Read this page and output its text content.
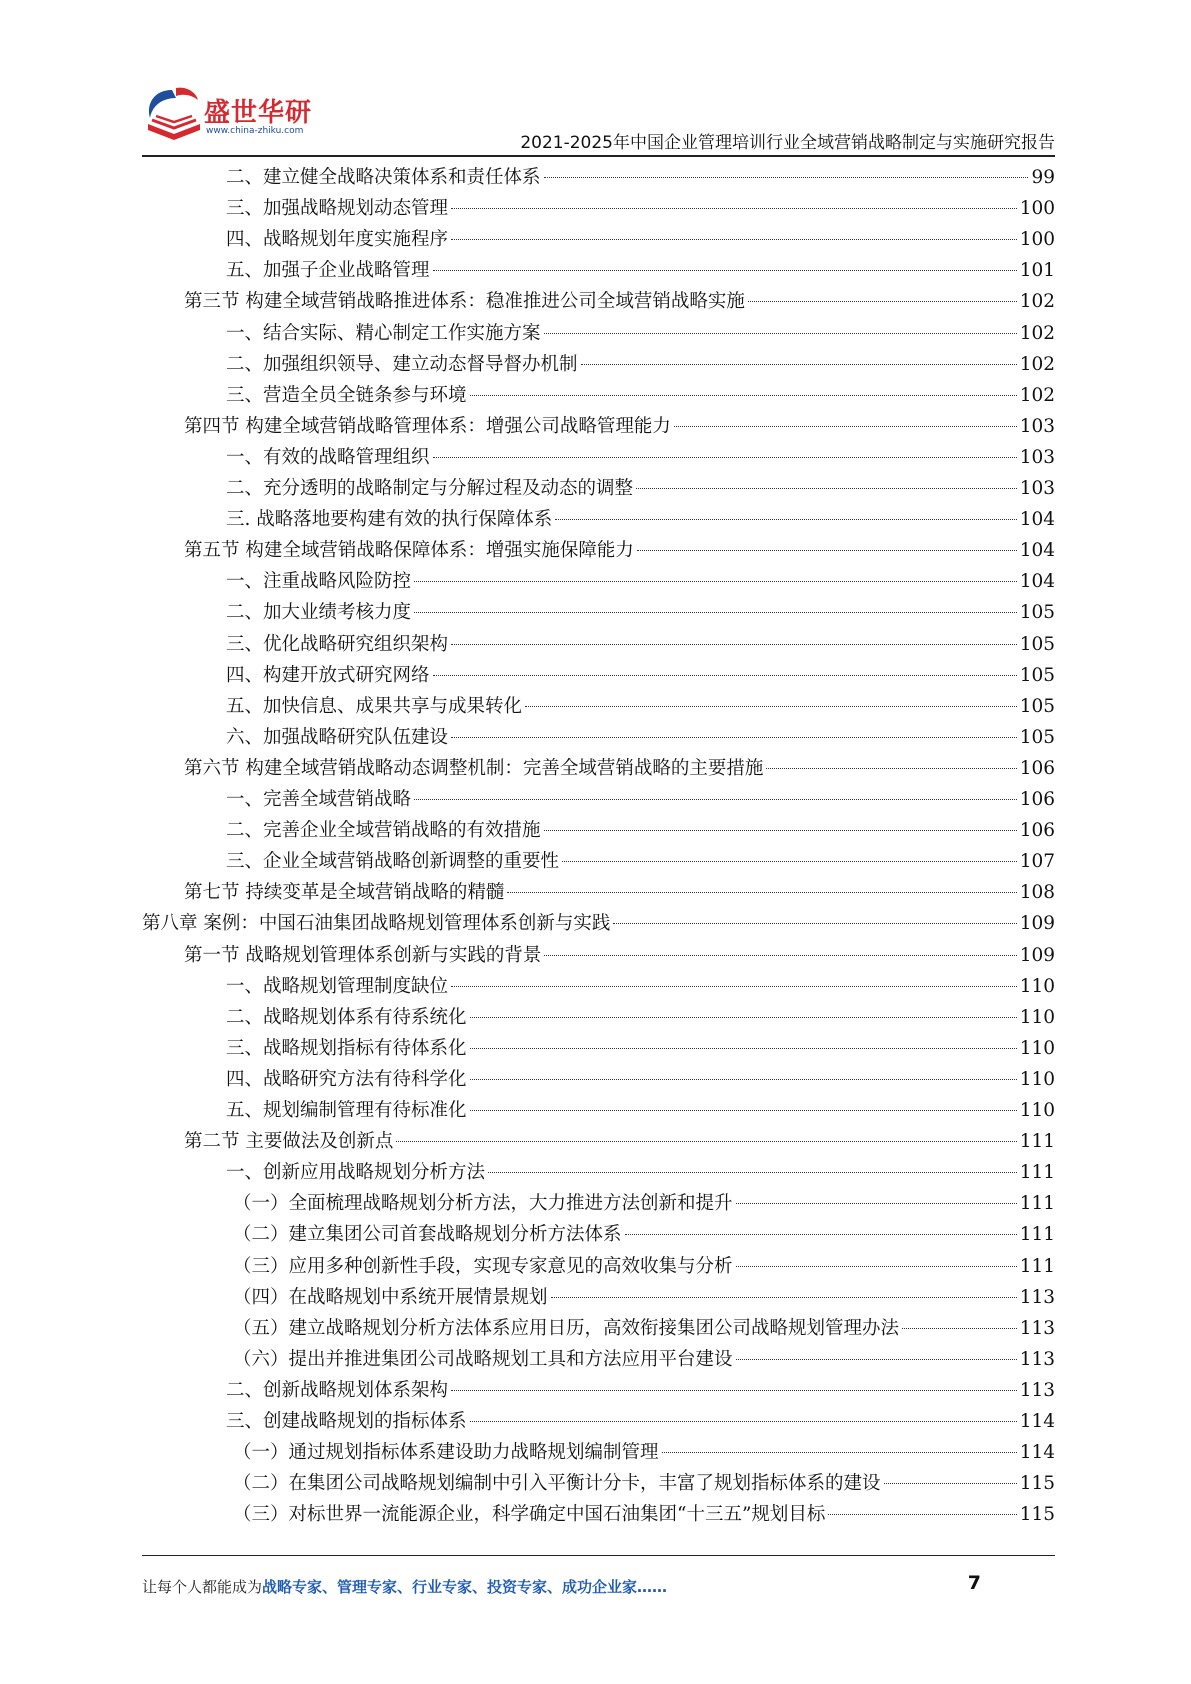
盛世华研
www.china-zhiku.com
2021-2025年中国企业管理培训行业全域营销战略制定与实施研究报告
二、建立健全战略决策体系和责任体系	99
三、加强战略规划动态管理	100
四、战略规划年度实施程序	100
五、加强子企业战略管理	101
第三节 构建全域营销战略推进体系：稳准推进公司全域营销战略实施	102
一、结合实际、精心制定工作实施方案	102
二、加强组织领导、建立动态督导督办机制	102
三、营造全员全链条参与环境	102
第四节 构建全域营销战略管理体系：增强公司战略管理能力	103
一、有效的战略管理组织	103
二、充分透明的战略制定与分解过程及动态的调整	103
三. 战略落地要构建有效的执行保障体系	104
第五节 构建全域营销战略保障体系：增强实施保障能力	104
一、注重战略风险防控	104
二、加大业绩考核力度	105
三、优化战略研究组织架构	105
四、构建开放式研究网络	105
五、加快信息、成果共享与成果转化	105
六、加强战略研究队伍建设	105
第六节 构建全域营销战略动态调整机制：完善全域营销战略的主要措施	106
一、完善全域营销战略	106
二、完善企业全域营销战略的有效措施	106
三、企业全域营销战略创新调整的重要性	107
第七节 持续变革是全域营销战略的精髓	108
第八章 案例：中国石油集团战略规划管理体系创新与实践	109
第一节 战略规划管理体系创新与实践的背景	109
一、战略规划管理制度缺位	110
二、战略规划体系有待系统化	110
三、战略规划指标有待体系化	110
四、战略研究方法有待科学化	110
五、规划编制管理有待标准化	110
第二节 主要做法及创新点	111
一、创新应用战略规划分析方法	111
（一）全面梳理战略规划分析方法，大力推进方法创新和提升	111
（二）建立集团公司首套战略规划分析方法体系	111
（三）应用多种创新性手段，实现专家意见的高效收集与分析	111
（四）在战略规划中系统开展情景规划	113
（五）建立战略规划分析方法体系应用日历，高效衔接集团公司战略规划管理办法	113
（六）提出并推进集团公司战略规划工具和方法应用平台建设	113
二、创新战略规划体系架构	113
三、创建战略规划的指标体系	114
（一）通过规划指标体系建设助力战略规划编制管理	114
（二）在集团公司战略规划编制中引入平衡计分卡，丰富了规划指标体系的建设	115
（三）对标世界一流能源企业，科学确定中国石油集团“十三五”规划目标	115
让每个人都能成为战略专家、管理专家、行业专家、投资专家、成功企业家……	7
